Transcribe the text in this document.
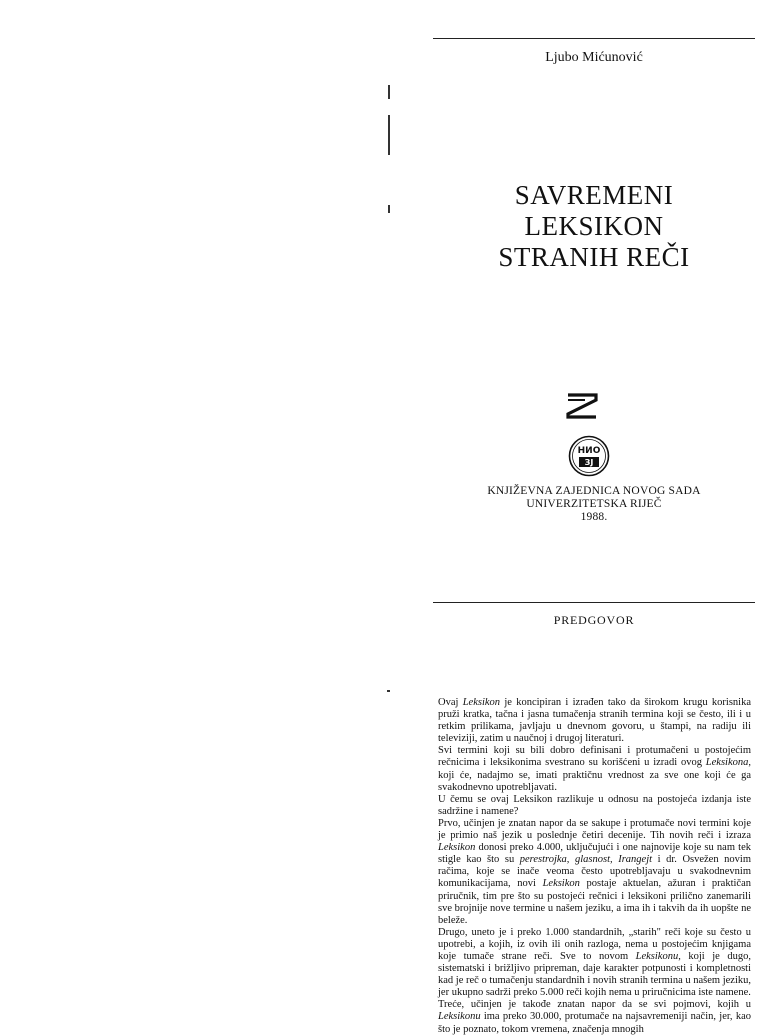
Ljubo Mićunović
SAVREMENI
LEKSIKON
STRANIH REČI
НИО
ЗЈ
KNJIŽEVNA ZAJEDNICA NOVOG SADA
UNIVERZITETSKA RIJEČ
1988.
PREDGOVOR

Ovaj Leksikon je koncipiran i izrađen tako da širokom krugu korisnika pruži kratka, tačna i jasna tumačenja stranih termina koji se često, ili i u retkim prilikama, javljaju u dnevnom govoru, u štampi, na radiju ili televiziji, zatim u naučnoj i drugoj literaturi.

Svi termini koji su bili dobro definisani i protumačeni u postojećim rečnicima i leksikonima svestrano su korišćeni u izradi ovog Leksikona, koji će, nadajmo se, imati praktičnu vrednost za sve one koji će ga svakodnevno upotrebljavati.

U čemu se ovaj Leksikon razlikuje u odnosu na postojeća izdanja iste sadržine i namene?

Prvo, učinjen je znatan napor da se sakupe i protumače novi termini koje je primio naš jezik u poslednje četiri decenije. Tih novih reči i izraza Leksikon donosi preko 4.000, uključujući i one najnovije koje su nam tek stigle kao što su perestrojka, glasnost, Irangejt i dr. Osvežen novim račima, koje se inače veoma često upotrebljavaju u svakodnevnim komunikacijama, novi Leksikon postaje aktuelan, ažuran i praktičan priručnik, tim pre što su postojeći rečnici i leksikoni prilično zanemarili sve brojnije nove termine u našem jeziku, a ima ih i takvih da ih uopšte ne beleže.

Drugo, uneto je i preko 1.000 standardnih, „starih" reči koje su često u upotrebi, a kojih, iz ovih ili onih razloga, nema u postojećim knjigama koje tumače strane reči. Sve to novom Leksikonu, koji je dugo, sistematski i brižljivo pripreman, daje karakter potpunosti i kompletnosti kad je reč o tumačenju standardnih i novih stranih termina u našem jeziku, jer ukupno sadrži preko 5.000 reči kojih nema u priručnicima iste namene.

Treće, učinjen je takođe znatan napor da se svi pojmovi, kojih u Leksikonu ima preko 30.000, protumače na najsavremeniji način, jer, kao što je poznato, tokom vremena, značenja mnogih
